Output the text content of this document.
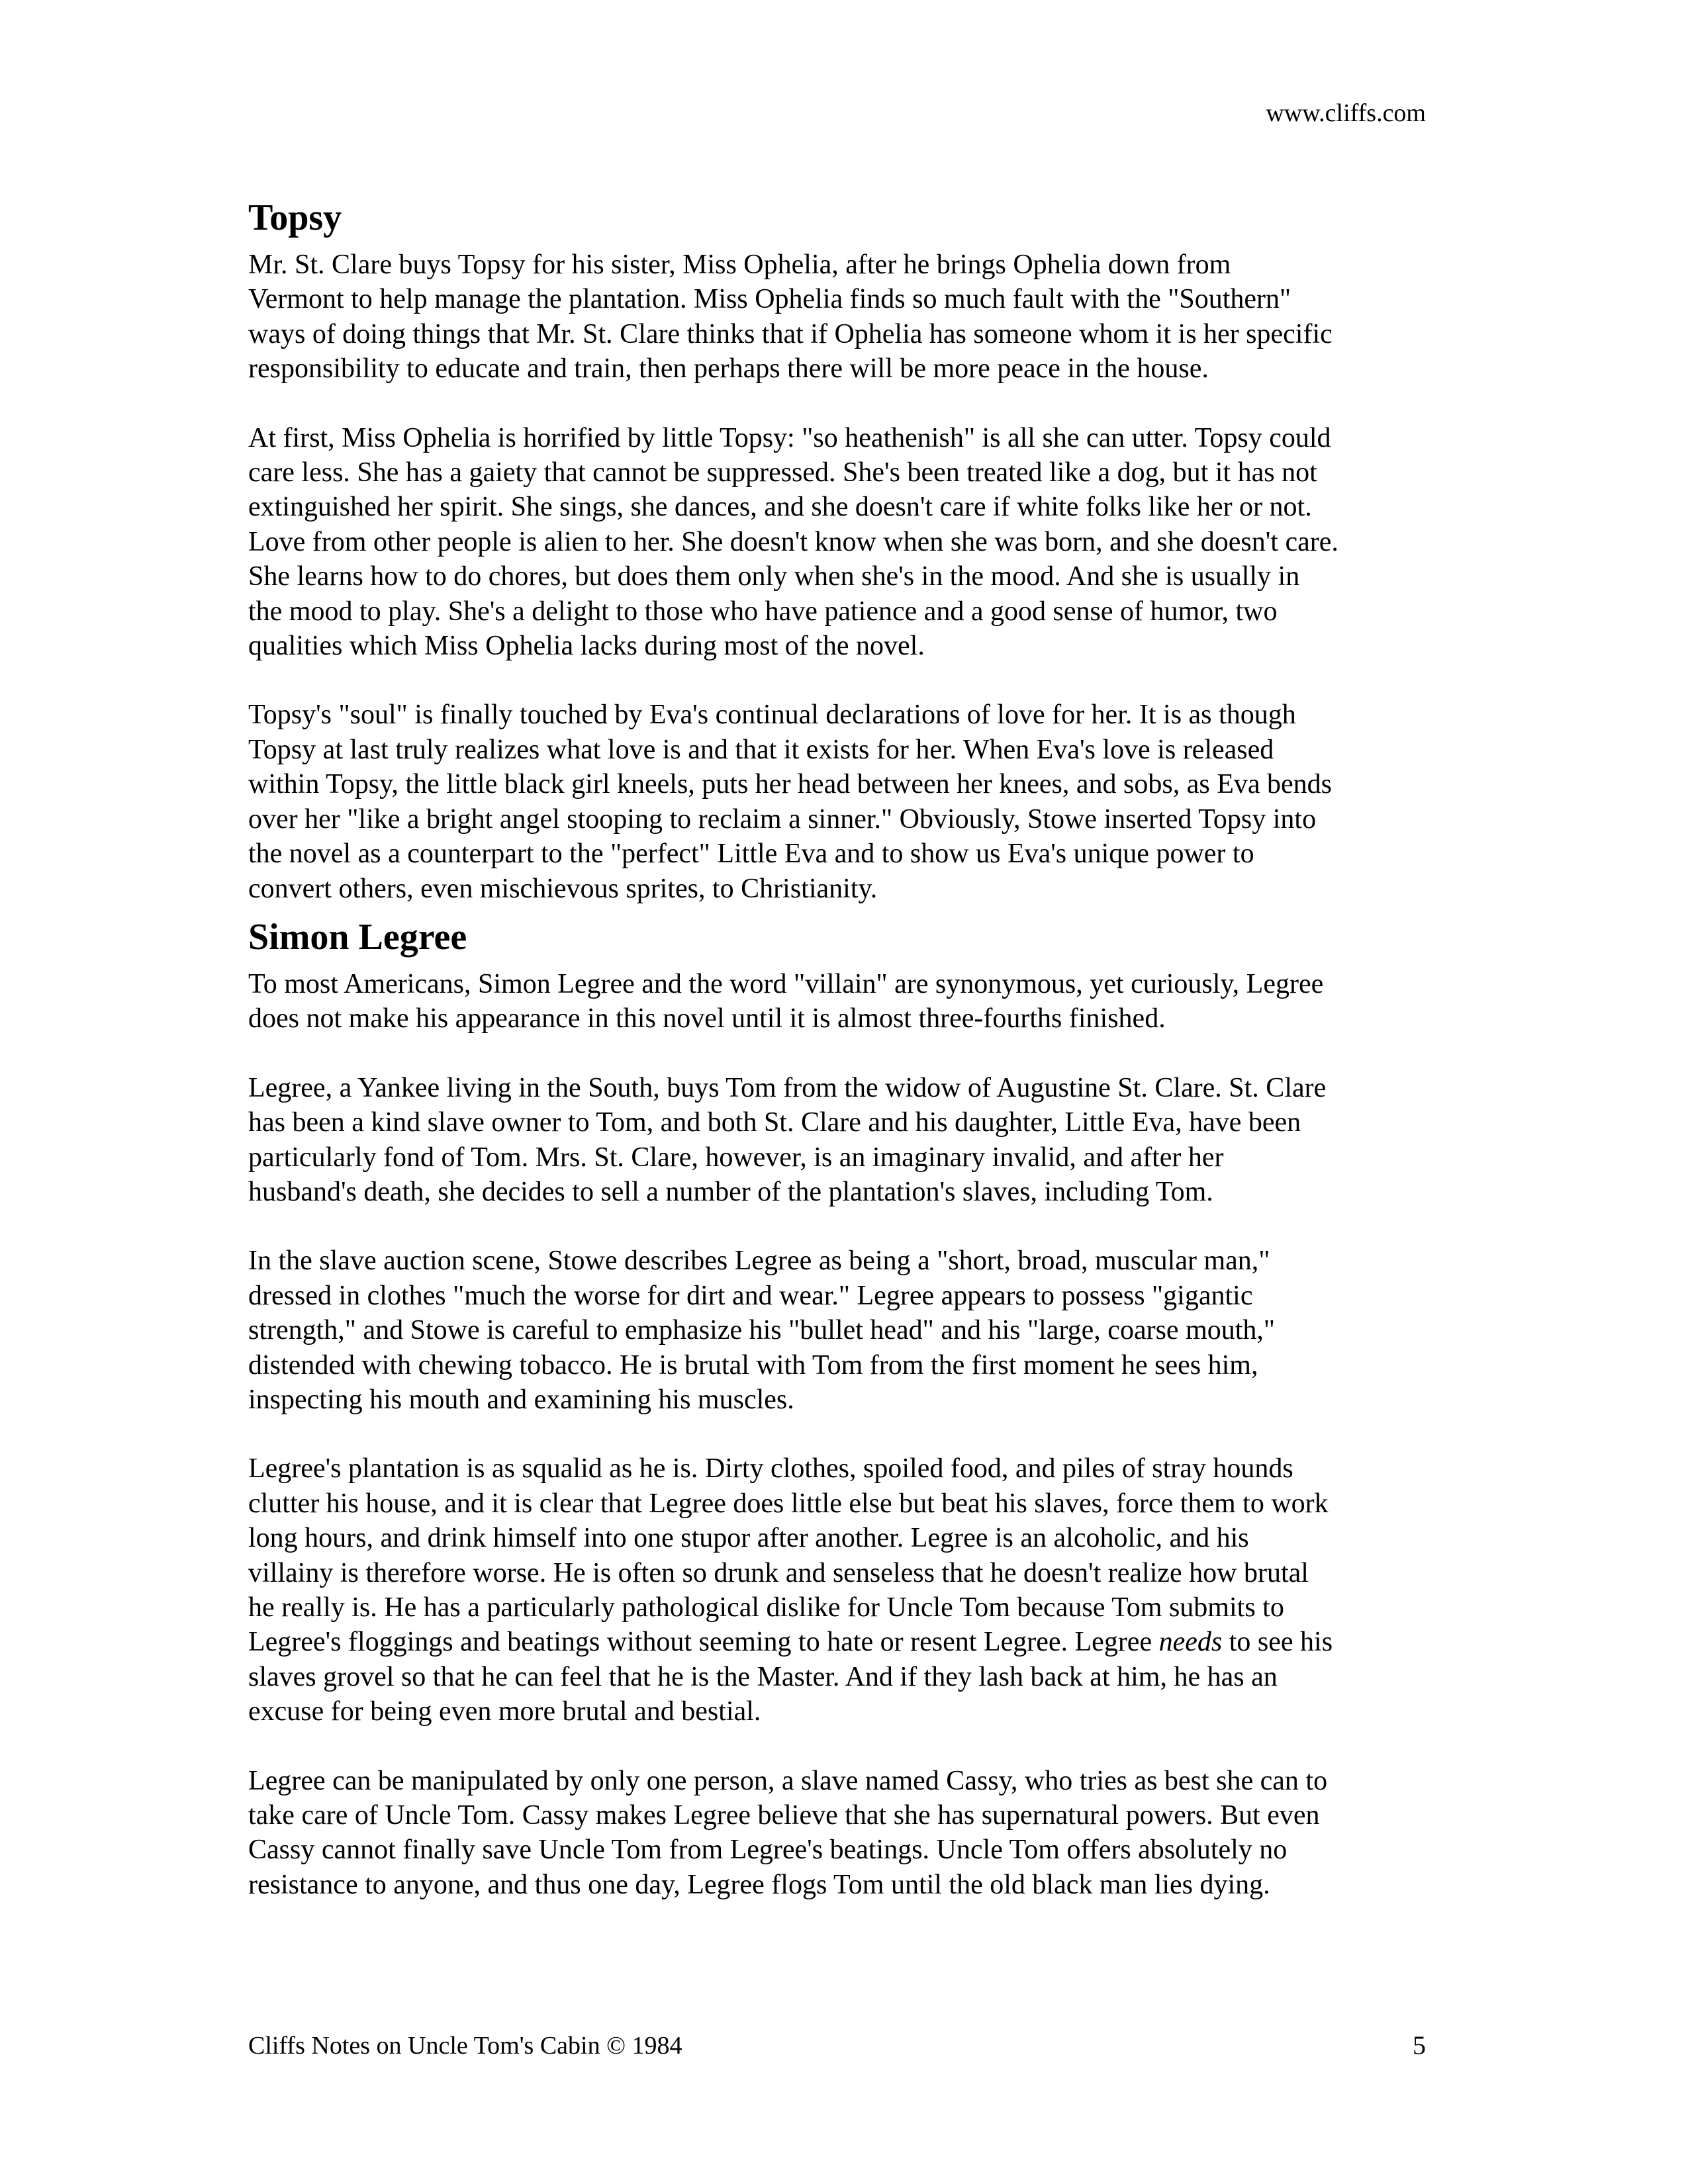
www.cliffs.com
Topsy

Mr. St. Clare buys Topsy for his sister, Miss Ophelia, after he brings Ophelia down from
Vermont to help manage the plantation. Miss Ophelia finds so much fault with the "Southern"
ways of doing things that Mr. St. Clare thinks that if Ophelia has someone whom it is her specific
responsibility to educate and train, then perhaps there will be more peace in the house.

At first, Miss Ophelia is horrified by little Topsy: "so heathenish" is all she can utter. Topsy could
care less. She has a gaiety that cannot be suppressed. She's been treated like a dog, but it has not
extinguished her spirit. She sings, she dances, and she doesn't care if white folks like her or not.
Love from other people is alien to her. She doesn't know when she was born, and she doesn't care.
She learns how to do chores, but does them only when she's in the mood. And she is usually in
the mood to play. She's a delight to those who have patience and a good sense of humor, two
qualities which Miss Ophelia lacks during most of the novel.

Topsy's "soul" is finally touched by Eva's continual declarations of love for her. It is as though
Topsy at last truly realizes what love is and that it exists for her. When Eva's love is released
within Topsy, the little black girl kneels, puts her head between her knees, and sobs, as Eva bends
over her "like a bright angel stooping to reclaim a sinner." Obviously, Stowe inserted Topsy into
the novel as a counterpart to the "perfect" Little Eva and to show us Eva's unique power to
convert others, even mischievous sprites, to Christianity.

Simon Legree

To most Americans, Simon Legree and the word "villain" are synonymous, yet curiously, Legree
does not make his appearance in this novel until it is almost three-fourths finished.

Legree, a Yankee living in the South, buys Tom from the widow of Augustine St. Clare. St. Clare
has been a kind slave owner to Tom, and both St. Clare and his daughter, Little Eva, have been
particularly fond of Tom. Mrs. St. Clare, however, is an imaginary invalid, and after her
husband's death, she decides to sell a number of the plantation's slaves, including Tom.

In the slave auction scene, Stowe describes Legree as being a "short, broad, muscular man,"
dressed in clothes "much the worse for dirt and wear." Legree appears to possess "gigantic
strength," and Stowe is careful to emphasize his "bullet head" and his "large, coarse mouth,"
distended with chewing tobacco. He is brutal with Tom from the first moment he sees him,
inspecting his mouth and examining his muscles.

Legree's plantation is as squalid as he is. Dirty clothes, spoiled food, and piles of stray hounds
clutter his house, and it is clear that Legree does little else but beat his slaves, force them to work
long hours, and drink himself into one stupor after another. Legree is an alcoholic, and his
villainy is therefore worse. He is often so drunk and senseless that he doesn't realize how brutal
he really is. He has a particularly pathological dislike for Uncle Tom because Tom submits to
Legree's floggings and beatings without seeming to hate or resent Legree. Legree needs to see his
slaves grovel so that he can feel that he is the Master. And if they lash back at him, he has an
excuse for being even more brutal and bestial.

Legree can be manipulated by only one person, a slave named Cassy, who tries as best she can to
take care of Uncle Tom. Cassy makes Legree believe that she has supernatural powers. But even
Cassy cannot finally save Uncle Tom from Legree's beatings. Uncle Tom offers absolutely no
resistance to anyone, and thus one day, Legree flogs Tom until the old black man lies dying.

Cliffs Notes on Uncle Tom's Cabin © 1984	5
